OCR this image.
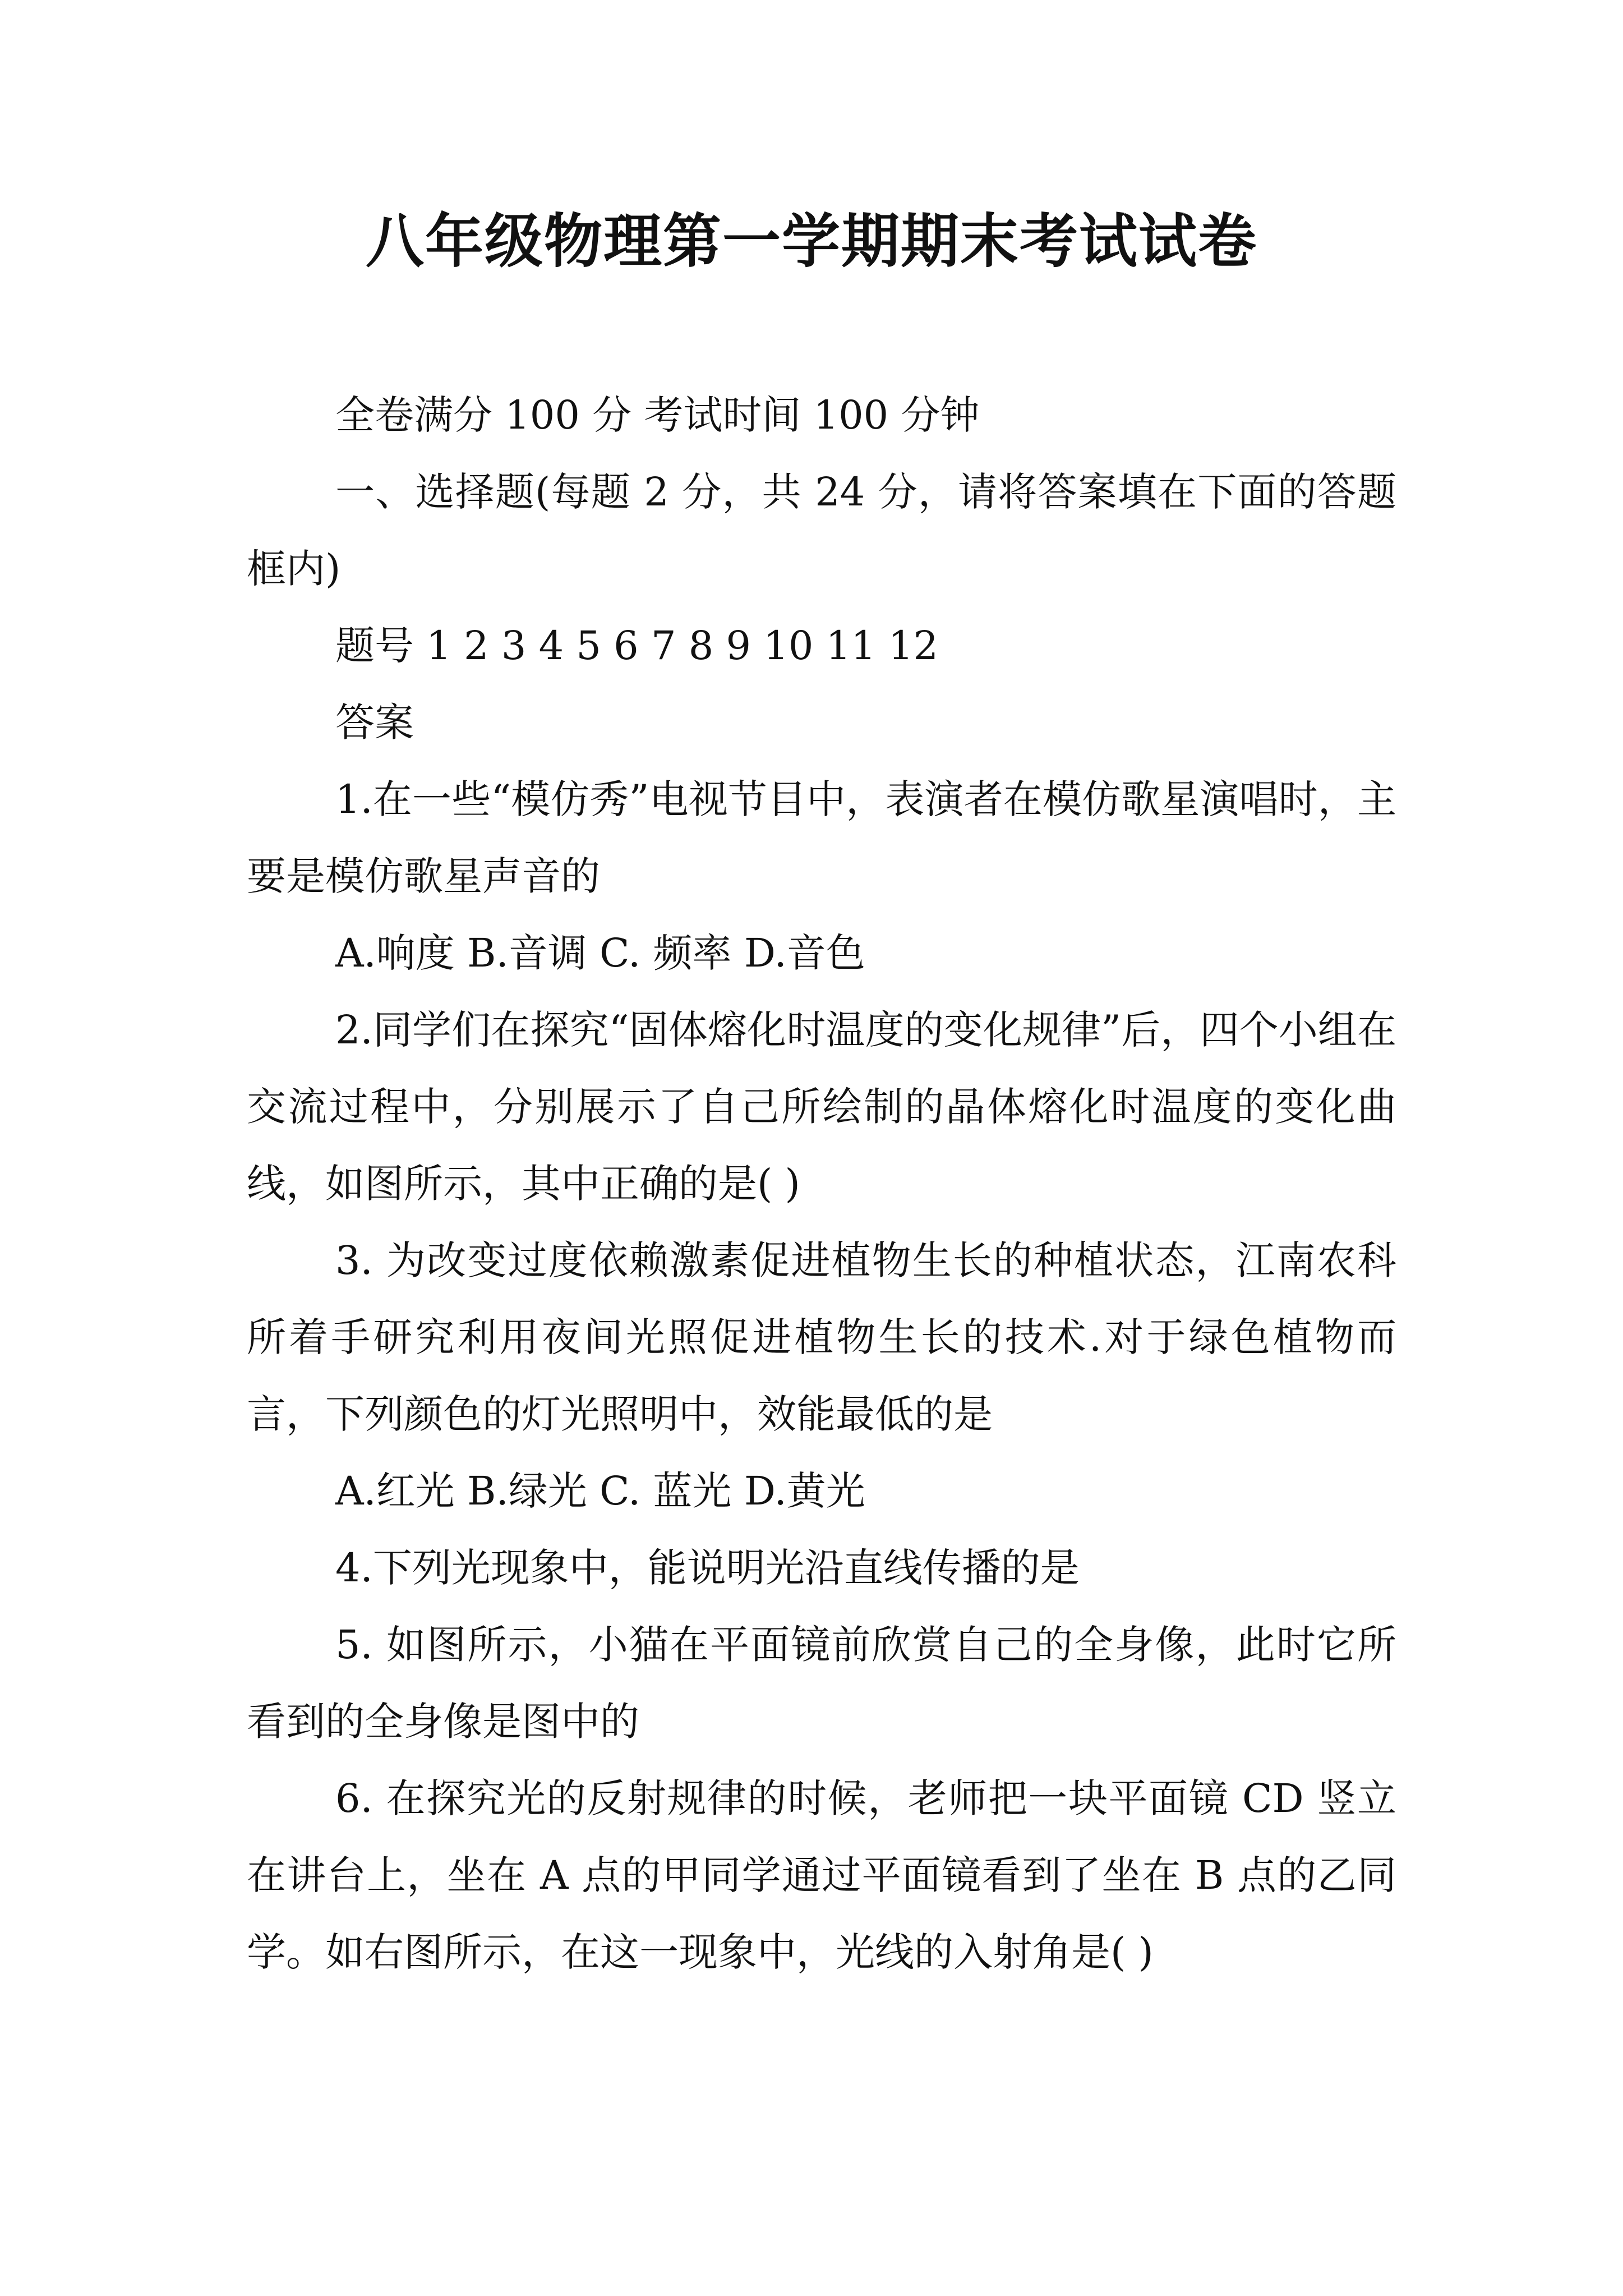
八年级物理第一学期期末考试试卷

全卷满分 100 分 考试时间 100 分钟

一、选择题(每题 2 分，共 24 分，请将答案填在下面的答题框内)

题号 1 2 3 4 5 6 7 8 9 10 11 12

答案

1.在一些“模仿秀”电视节目中，表演者在模仿歌星演唱时，主要是模仿歌星声音的

A.响度 B.音调 C. 频率 D.音色

2.同学们在探究“固体熔化时温度的变化规律”后，四个小组在交流过程中，分别展示了自己所绘制的晶体熔化时温度的变化曲线，如图所示，其中正确的是( )

3. 为改变过度依赖激素促进植物生长的种植状态，江南农科所着手研究利用夜间光照促进植物生长的技术.对于绿色植物而言，下列颜色的灯光照明中，效能最低的是

A.红光 B.绿光 C. 蓝光 D.黄光

4.下列光现象中，能说明光沿直线传播的是

5. 如图所示，小猫在平面镜前欣赏自己的全身像，此时它所看到的全身像是图中的

6. 在探究光的反射规律的时候，老师把一块平面镜 CD 竖立在讲台上，坐在 A 点的甲同学通过平面镜看到了坐在 B 点的乙同学。如右图所示，在这一现象中，光线的入射角是( )
